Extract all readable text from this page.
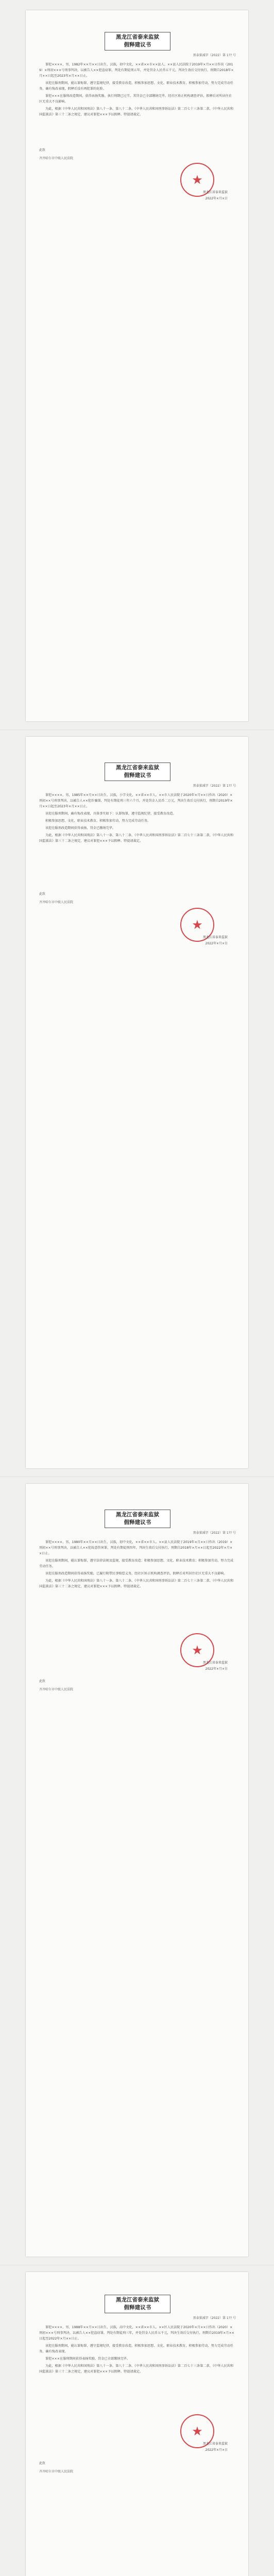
黑龙江省泰来监狱
假释建议书
黑泰狱减字（2022）第 1?? 号

罪犯××××，男，1982年××月××日出生，汉族，初中文化，××省××市××县人。××县人民法院于2019年×月××日作出（2019）×刑初×××号刑事判决，以被告人××犯盗窃罪，判处有期徒刑五年，并处罚金人民币五千元，判决生效后交付执行，刑期自2018年×月××日起至2023年×月××日止。

该犯在服刑期间，能认罪悔罪，遵守监规纪律，接受教育改造，积极参加思想、文化、职业技术教育，积极参加劳动，努力完成劳动任务，确有悔改表现，假释后没有再犯罪的危险。

罪犯×××在服刑改造期间，获得表扬奖励。执行刑期已过半，其罚金已全部缴纳完毕。经社区矫正机构调查评估，假释后对所居住社区无重大不良影响。

为此，根据《中华人民共和国刑法》第八十一条、第八十二条、《中华人民共和国刑事诉讼法》第二百七十三条第二款、《中华人民共和国监狱法》第三十二条之规定，建议对罪犯×××予以假释。特提请裁定。

此致
齐齐哈尔市中级人民法院
★
黑龙江省泰来监狱
2022年×月×日
黑龙江省泰来监狱
假释建议书
黑泰狱减字（2022）第 1?? 号

罪犯××××，男，1985年××月××日出生，汉族，小学文化，××省××市人。××市人民法院于2020年×月××日作出（2020）×刑初××号刑事判决，以被告人××犯诈骗罪，判处有期徒刑三年六个月，并处罚金人民币二万元，判决生效后交付执行，刑期自2019年×月××日起至2023年×月××日止。

该犯在服刑期间，确有悔改表现，具体事实如下：认罪悔罪，遵守监规纪律，接受教育改造。

积极参加思想、文化、职业技术教育，积极参加劳动，努力完成劳动任务。

该犯在服刑改造期间获得表扬，罚金已缴纳完毕。

为此，根据《中华人民共和国刑法》第八十一条、第八十二条、《中华人民共和国刑事诉讼法》第二百七十三条第二款、《中华人民共和国监狱法》第三十二条之规定，建议对罪犯×××予以假释。特提请裁定。

此致
齐齐哈尔市中级人民法院
★
黑龙江省泰来监狱
2022年×月×日
黑龙江省泰来监狱
假释建议书
黑泰狱减字（2022）第 1?? 号

罪犯××××，男，1980年××月××日出生，汉族，初中文化，××省××市人。××县人民法院于2019年×月××日作出（2019）×刑初××号刑事判决，以被告人××犯故意伤害罪，判处有期徒刑四年，判决生效后交付执行，刑期自2018年×月××日起至2022年×月××日止。

该犯在服刑期间，能认罪悔罪，遵守法律法规及监规，接受教育改造；积极参加思想、文化、职业技术教育；积极参加劳动，努力完成劳动任务。

该犯在服刑改造期间获得表扬奖励，已履行附带民事赔偿义务，经社区矫正机构调查评估，假释后对所居住社区无重大不良影响。

为此，根据《中华人民共和国刑法》第八十一条、第八十二条、《中华人民共和国刑事诉讼法》第二百七十三条第二款、《中华人民共和国监狱法》第三十二条之规定，建议对罪犯×××予以假释。特提请裁定。

★
黑龙江省泰来监狱
2022年×月×日
此致
齐齐哈尔市中级人民法院
黑龙江省泰来监狱
假释建议书
黑泰狱减字（2022）第 1?? 号

罪犯××××，男，1988年××月××日出生，汉族，高中文化，××省××市人。××区人民法院于2020年×月××日作出（2020）×刑初×××号刑事判决，以被告人××犯盗窃罪，判处有期徒刑三年，并处罚金人民币五千元，判决生效后交付执行，刑期自2019年×月××日起至2022年×月××日止。

该犯在服刑期间，能认罪悔罪，遵守监规纪律，接受教育改造，积极参加思想、文化、职业技术教育，积极参加劳动，努力完成劳动任务，确有悔改表现。

罪犯×××在服刑期间获得表扬奖励，罚金已全部缴纳完毕。

为此，根据《中华人民共和国刑法》第八十一条、第八十二条、《中华人民共和国刑事诉讼法》第二百七十三条第二款、《中华人民共和国监狱法》第三十二条之规定，建议对罪犯×××予以假释。特提请裁定。

★
黑龙江省泰来监狱
2022年×月×日
此致
齐齐哈尔市中级人民法院
